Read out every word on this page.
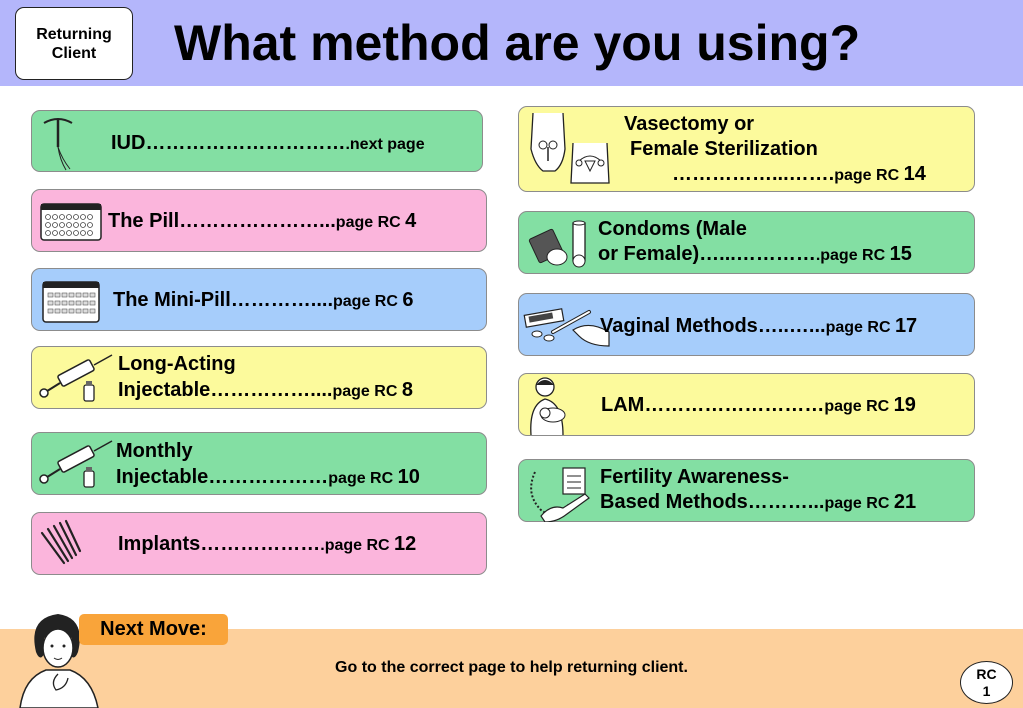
Returning
Client	What method are you using?
IUD………………………….next page
The Pill…………………...page RC 4
The Mini-Pill…………....page RC 6
Long-Acting
Injectable……………....page RC 8
Monthly
Injectable………………page RC 10
Implants……………….page RC 12
Vasectomy or
Female Sterilization
……………...…….page RC 14
Condoms (Male
or Female)…...………….page RC 15
Vaginal Methods…..…...page RC 17
LAM………………………page RC 19
Fertility Awareness-
Based Methods………...page RC 21
Next Move:
Go to the correct page to help returning client.	RC
1
